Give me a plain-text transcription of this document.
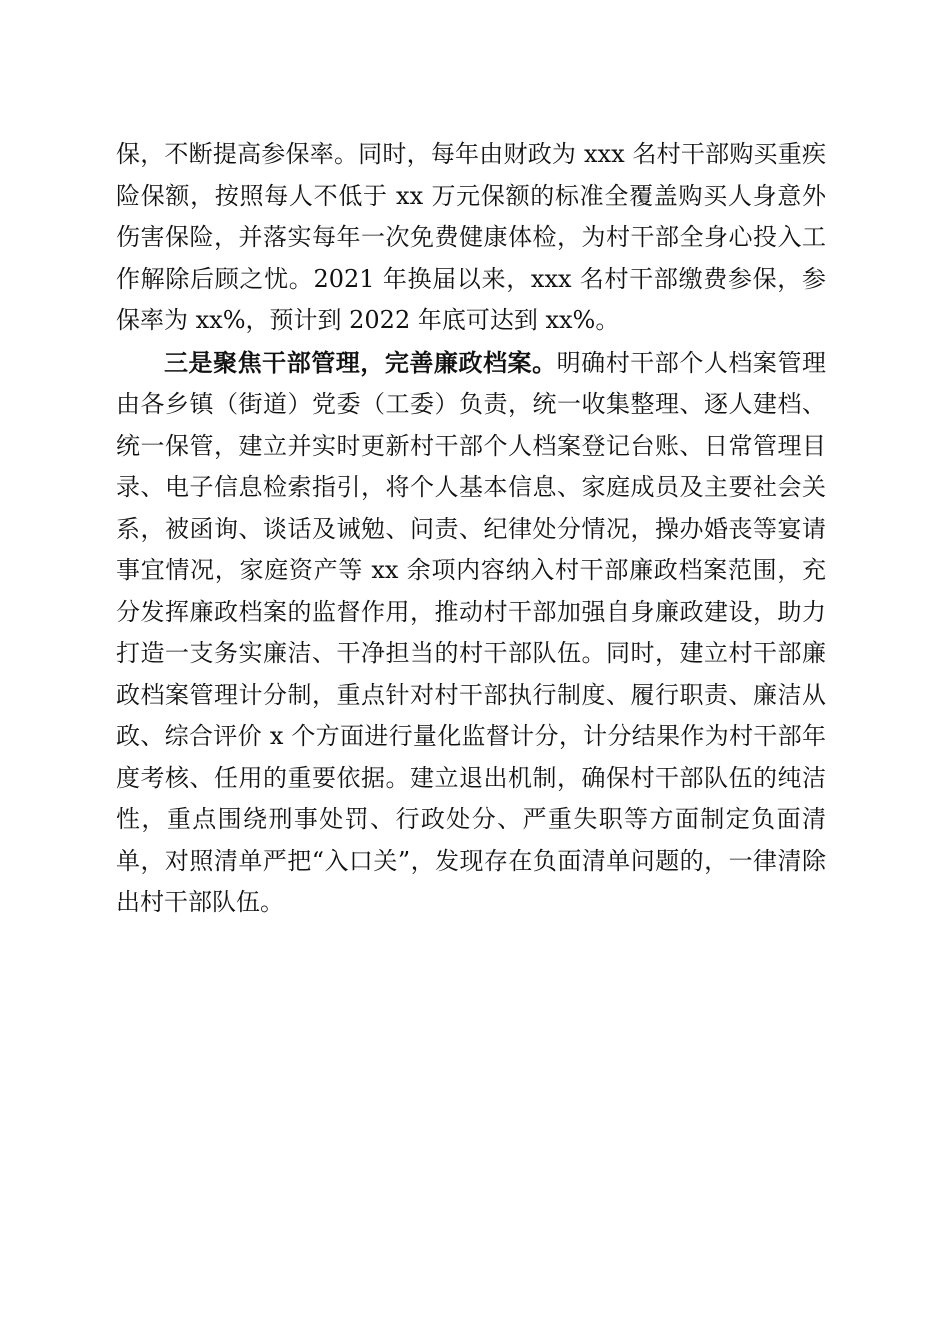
保，不断提高参保率。同时，每年由财政为 xxx 名村干部购买重疾险保额，按照每人不低于 xx 万元保额的标准全覆盖购买人身意外伤害保险，并落实每年一次免费健康体检，为村干部全身心投入工作解除后顾之忧。2021 年换届以来，xxx 名村干部缴费参保，参保率为 xx%，预计到 2022 年底可达到 xx%。

三是聚焦干部管理，完善廉政档案。明确村干部个人档案管理由各乡镇（街道）党委（工委）负责，统一收集整理、逐人建档、统一保管，建立并实时更新村干部个人档案登记台账、日常管理目录、电子信息检索指引，将个人基本信息、家庭成员及主要社会关系，被函询、谈话及诫勉、问责、纪律处分情况，操办婚丧等宴请事宜情况，家庭资产等 xx 余项内容纳入村干部廉政档案范围，充分发挥廉政档案的监督作用，推动村干部加强自身廉政建设，助力打造一支务实廉洁、干净担当的村干部队伍。同时，建立村干部廉政档案管理计分制，重点针对村干部执行制度、履行职责、廉洁从政、综合评价 x 个方面进行量化监督计分，计分结果作为村干部年度考核、任用的重要依据。建立退出机制，确保村干部队伍的纯洁性，重点围绕刑事处罚、行政处分、严重失职等方面制定负面清单，对照清单严把“入口关”，发现存在负面清单问题的，一律清除出村干部队伍。
